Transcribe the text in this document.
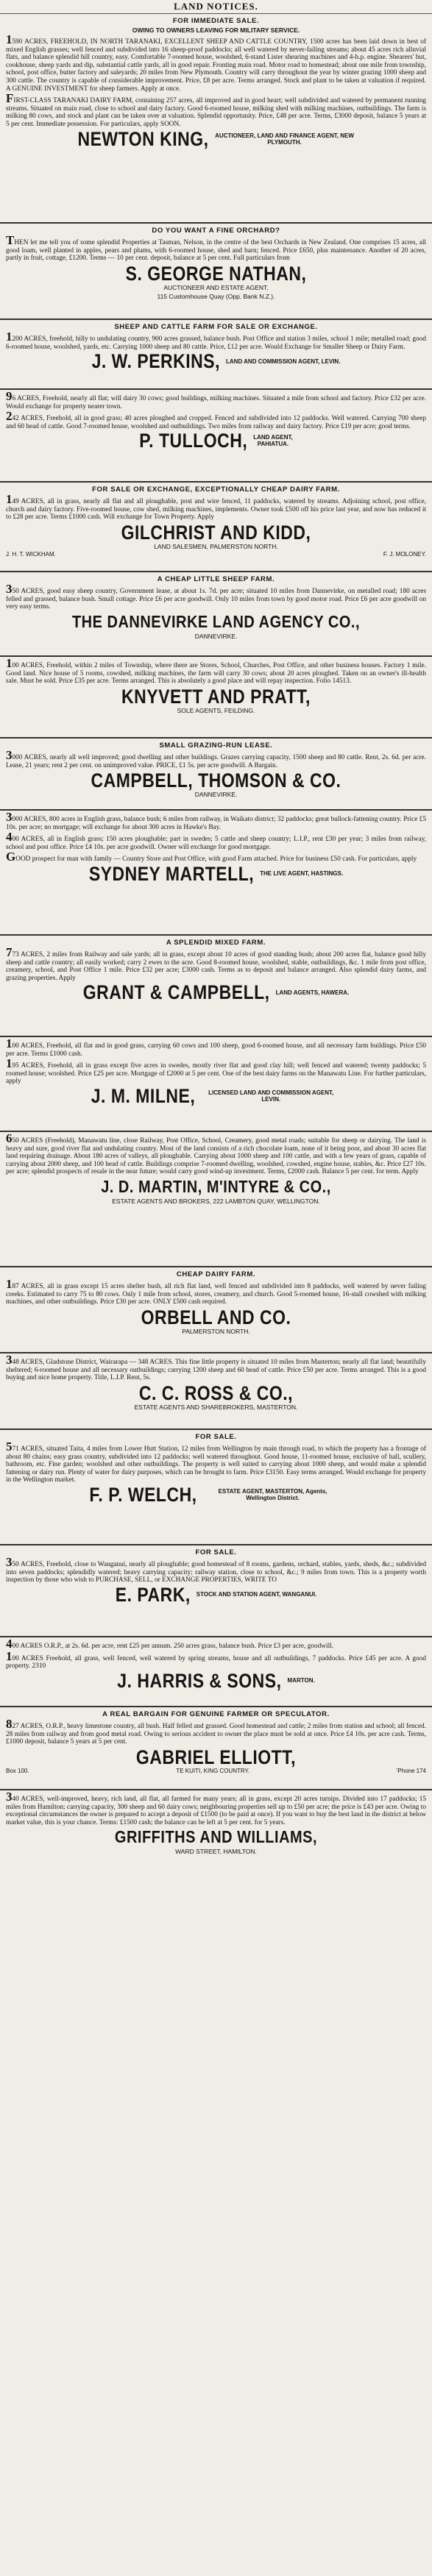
LAND NOTICES.
FOR IMMEDIATE SALE.
OWING TO OWNERS LEAVING FOR MILITARY SERVICE.

1590 ACRES, FREEHOLD, IN NORTH TARANAKI, EXCELLENT SHEEP AND CATTLE COUNTRY, 1500 acres has been laid down in best of mixed English grasses; well fenced and subdivided into 16 sheep-proof paddocks; all well watered by never-failing streams; about 45 acres rich alluvial flats, and balance splendid hill country, easy. Comfortable 7-roomed house, woolshed, 6-stand Lister shearing machines and 4-h.p. engine. Shearers' hut, cookhouse, sheep yards and dip, substantial cattle yards, all in good repair. Fronting main road. Motor road to homestead; about one mile from township, school, post office, butter factory and saleyards; 20 miles from New Plymouth. Country will carry throughout the year by winter grazing 1000 sheep and 300 cattle. The country is capable of considerable improvement. Price, £8 per acre. Terms arranged. Stock and plant to be taken at valuation if required. A GENUINE INVESTMENT for sheep farmers. Apply at once.

FIRST-CLASS TARANAKI DAIRY FARM, containing 257 acres, all improved and in good heart; well subdivided and watered by permanent running streams. Situated on main road, close to school and dairy factory. Good 6-roomed house, milking shed with milking machines, outbuildings. The farm is milking 80 cows, and stock and plant can be taken over at valuation. Splendid opportunity. Price, £48 per acre. Terms, £3000 deposit, balance 5 years at 5 per cent. Immediate possession. For particulars, apply SOON.

NEWTON KING, AUCTIONEER, LAND AND FINANCE AGENT, NEW PLYMOUTH.
DO YOU WANT A FINE ORCHARD?

THEN let me tell you of some splendid Properties at Tasman, Nelson, in the centre of the best Orchards in New Zealand. One comprises 15 acres, all good loam, well planted in apples, pears and plums, with 6-roomed house, shed and barn; fenced. Price £650, plus maintenance. Another of 20 acres, partly in fruit, cottage, £1200. Terms — 10 per cent. deposit, balance at 5 per cent. Full particulars from

S. GEORGE NATHAN,
AUCTIONEER AND ESTATE AGENT,
115 Customhouse Quay (Opp. Bank N.Z.).
SHEEP AND CATTLE FARM FOR SALE OR EXCHANGE.

1200 ACRES, freehold, hilly to undulating country, 900 acres grassed, balance bush. Post Office and station 3 miles, school 1 mile; metalled road; good 6-roomed house, woolshed, yards, etc. Carrying 1000 sheep and 80 cattle. Price, £12 per acre. Would Exchange for Smaller Sheep or Dairy Farm.

J. W. PERKINS, LAND AND COMMISSION AGENT, LEVIN.

96 ACRES, Freehold, nearly all flat; will dairy 30 cows; good buildings, milking machines. Situated a mile from school and factory. Price £32 per acre. Would exchange for property nearer town.

242 ACRES, Freehold, all in good grass; 40 acres ploughed and cropped. Fenced and subdivided into 12 paddocks. Well watered. Carrying 700 sheep and 60 head of cattle. Good 7-roomed house, woolshed and outbuildings. Two miles from railway and dairy factory. Price £19 per acre; good terms.

P. TULLOCH, LAND AGENT,
PAHIATUA.
FOR SALE OR EXCHANGE, EXCEPTIONALLY CHEAP DAIRY FARM.

149 ACRES, all in grass, nearly all flat and all ploughable, post and wire fenced, 11 paddocks, watered by streams. Adjoining school, post office, church and dairy factory. Five-roomed house, cow shed, milking machines, implements. Owner took £500 off his price last year, and now has reduced it to £28 per acre. Terms £1000 cash. Will exchange for Town Property. Apply

GILCHRIST AND KIDD,
LAND SALESMEN, PALMERSTON NORTH.
J. H. T. WICKHAM.	F. J. MOLONEY.
A CHEAP LITTLE SHEEP FARM.

350 ACRES, good easy sheep country, Government lease, at about 1s. 7d. per acre; situated 10 miles from Dannevirke, on metalled road; 180 acres felled and grassed, balance bush. Small cottage. Price £6 per acre goodwill. Only 10 miles from town by good motor road. Price £6 per acre goodwill on very easy terms.

THE DANNEVIRKE LAND AGENCY CO.,
DANNEVIRKE.

100 ACRES, Freehold, within 2 miles of Township, where there are Stores, School, Churches, Post Office, and other business houses. Factory 1 mile. Good land. Nice house of 5 rooms, cowshed, milking machines, the farm will carry 30 cows; about 20 acres ploughed. Taken on an owner's ill-health sale. Must be sold. Price £35 per acre. Terms arranged. This is absolutely a good place and will repay inspection. Folio 14513.

KNYVETT AND PRATT,
SOLE AGENTS, FEILDING.
SMALL GRAZING-RUN LEASE.

3000 ACRES, nearly all well improved; good dwelling and other buildings. Grazes carrying capacity, 1500 sheep and 80 cattle. Rent, 2s. 6d. per acre. Lease, 21 years; rent 2 per cent. on unimproved value. PRICE, £1 5s. per acre goodwill. A Bargain.

CAMPBELL, THOMSON & CO.
DANNEVIRKE.

3000 ACRES, 800 acres in English grass, balance bush; 6 miles from railway, in Waikato district; 32 paddocks; great bullock-fattening country. Price £5 10s. per acre; no mortgage; will exchange for about 300 acres in Hawke's Bay.

400 ACRES, all in English grass; 150 acres ploughable; part in swedes; 5 cattle and sheep country; L.I.P., rent £30 per year; 3 miles from railway, school and post office. Price £4 10s. per acre goodwill. Owner will exchange for good mortgage.

GOOD prospect for man with family — Country Store and Post Office, with good Farm attached. Price for business £50 cash. For particulars, apply

SYDNEY MARTELL, THE LIVE AGENT, HASTINGS.
A SPLENDID MIXED FARM.

773 ACRES, 2 miles from Railway and sale yards; all in grass, except about 10 acres of good standing bush; about 200 acres flat, balance good hilly sheep and cattle country; all easily worked; carry 2 ewes to the acre. Good 8-roomed house, woolshed, stable, outbuildings, &c. 1 mile from post office, creamery, school, and Post Office 1 mile. Price £32 per acre; £3000 cash. Terms as to deposit and balance arranged. Also splendid dairy farms, and grazing properties. Apply

GRANT & CAMPBELL, LAND AGENTS, HAWERA.

100 ACRES, Freehold, all flat and in good grass, carrying 60 cows and 100 sheep, good 6-roomed house, and all necessary farm buildings. Price £50 per acre. Terms £1000 cash.

195 ACRES, Freehold, all in grass except five acres in swedes, mostly river flat and good clay hill; well fenced and watered; twenty paddocks; 5 roomed house; woolshed. Price £25 per acre. Mortgage of £2000 at 5 per cent. One of the best dairy farms on the Manawatu Line. For further particulars, apply

J. M. MILNE,	LICENSED LAND AND COMMISSION AGENT, LEVIN.

650 ACRES (Freehold), Manawatu line, close Railway, Post Office, School, Creamery, good metal roads; suitable for sheep or dairying. The land is heavy and sure, good river flat and undulating country. Most of the land consists of a rich chocolate loam, none of it being poor, and about 30 acres flat land requiring drainage. About 180 acres of valleys, all ploughable. Carrying about 1000 sheep and 100 cattle, and with a few years of grass, capable of carrying about 2000 sheep, and 100 head of cattle. Buildings comprise 7-roomed dwelling, woolshed, cowshed, engine house, stables, &c. Price £27 10s. per acre; splendid prospects of resale in the near future; would carry good wind-up investment. Terms, £2000 cash. Balance 5 per cent. for term. Apply

J. D. MARTIN, M'INTYRE & CO.,
ESTATE AGENTS AND BROKERS, 222 LAMBTON QUAY, WELLINGTON.
CHEAP DAIRY FARM.

187 ACRES, all in grass except 15 acres shelter bush, all rich flat land, well fenced and subdivided into 8 paddocks, well watered by never failing creeks. Estimated to carry 75 to 80 cows. Only 1 mile from school, stores, creamery, and church. Good 5-roomed house, 16-stall cowshed with milking machines, and other outbuildings. Price £30 per acre. ONLY £500 cash required.

ORBELL AND CO.
PALMERSTON NORTH.

348 ACRES, Gladstone District, Wairarapa — 348 ACRES. This fine little property is situated 10 miles from Masterton; nearly all flat land; beautifully sheltered; 6-roomed house and all necessary outbuildings; carrying 1200 sheep and 60 head of cattle. Price £50 per acre. Terms arranged. This is a good buying and nice home property. Title, L.I.P. Rent, 5s.

C. C. ROSS & CO.,
ESTATE AGENTS AND SHAREBROKERS, MASTERTON.
FOR SALE.

571 ACRES, situated Taita, 4 miles from Lower Hutt Station, 12 miles from Wellington by main through road, to which the property has a frontage of about 80 chains; easy grass country, subdivided into 12 paddocks; well watered throughout. Good house, 11-roomed house, exclusive of hall, scullery, bathroom, etc. Fine garden; woolshed and other outbuildings. The property is well suited to carrying about 1000 sheep, and would make a splendid fattening or dairy run. Plenty of water for dairy purposes, which can be brought to farm. Price £3150. Easy terms arranged. Would exchange for property in the Wellington market.

F. P. WELCH,	ESTATE AGENT, MASTERTON, Agents, Wellington District.
FOR SALE.

350 ACRES, Freehold, close to Wanganui, nearly all ploughable; good homestead of 8 rooms, gardens, orchard, stables, yards, sheds, &c.; subdivided into seven paddocks; splendidly watered; heavy carrying capacity; railway station, close to school, &c.; 9 miles from town. This is a property worth inspection by those who wish to PURCHASE, SELL, or EXCHANGE PROPERTIES, WRITE TO

E. PARK, STOCK AND STATION AGENT, WANGANUI.

400 ACRES O.R.P., at 2s. 6d. per acre, rent £25 per annum. 250 acres grass, balance bush. Price £3 per acre, goodwill.

100 ACRES Freehold, all grass, well fenced, well watered by spring streams, house and all outbuildings, 7 paddocks. Price £45 per acre. A good property. 2310

J. HARRIS & SONS, MARTON.
A REAL BARGAIN FOR GENUINE FARMER OR SPECULATOR.

827 ACRES, O.R.P., heavy limestone country, all bush. Half felled and grassed. Good homestead and cattle; 2 miles from station and school; all fenced. 28 miles from railway and from good metal road. Owing to serious accident to owner the place must be sold at once. Price £4 10s. per acre cash. Terms, £1000 deposit, balance 5 years at 5 per cent.

GABRIEL ELLIOTT,
Box 100.	TE KUITI, KING COUNTRY.	'Phone 174

340 ACRES, well-improved, heavy, rich land, all flat, all farmed for many years; all in grass, except 20 acres turnips. Divided into 17 paddocks; 15 miles from Hamilton; carrying capacity, 300 sheep and 60 dairy cows; neighbouring properties sell up to £50 per acre; the price is £43 per acre. Owing to exceptional circumstances the owner is prepared to accept a deposit of £1500 (to be paid at once). If you want to buy the best land in the district at below market value, this is your chance. Terms: £1500 cash; the balance can be left at 5 per cent. for 5 years.

GRIFFITHS AND WILLIAMS,
WARD STREET, HAMILTON.
